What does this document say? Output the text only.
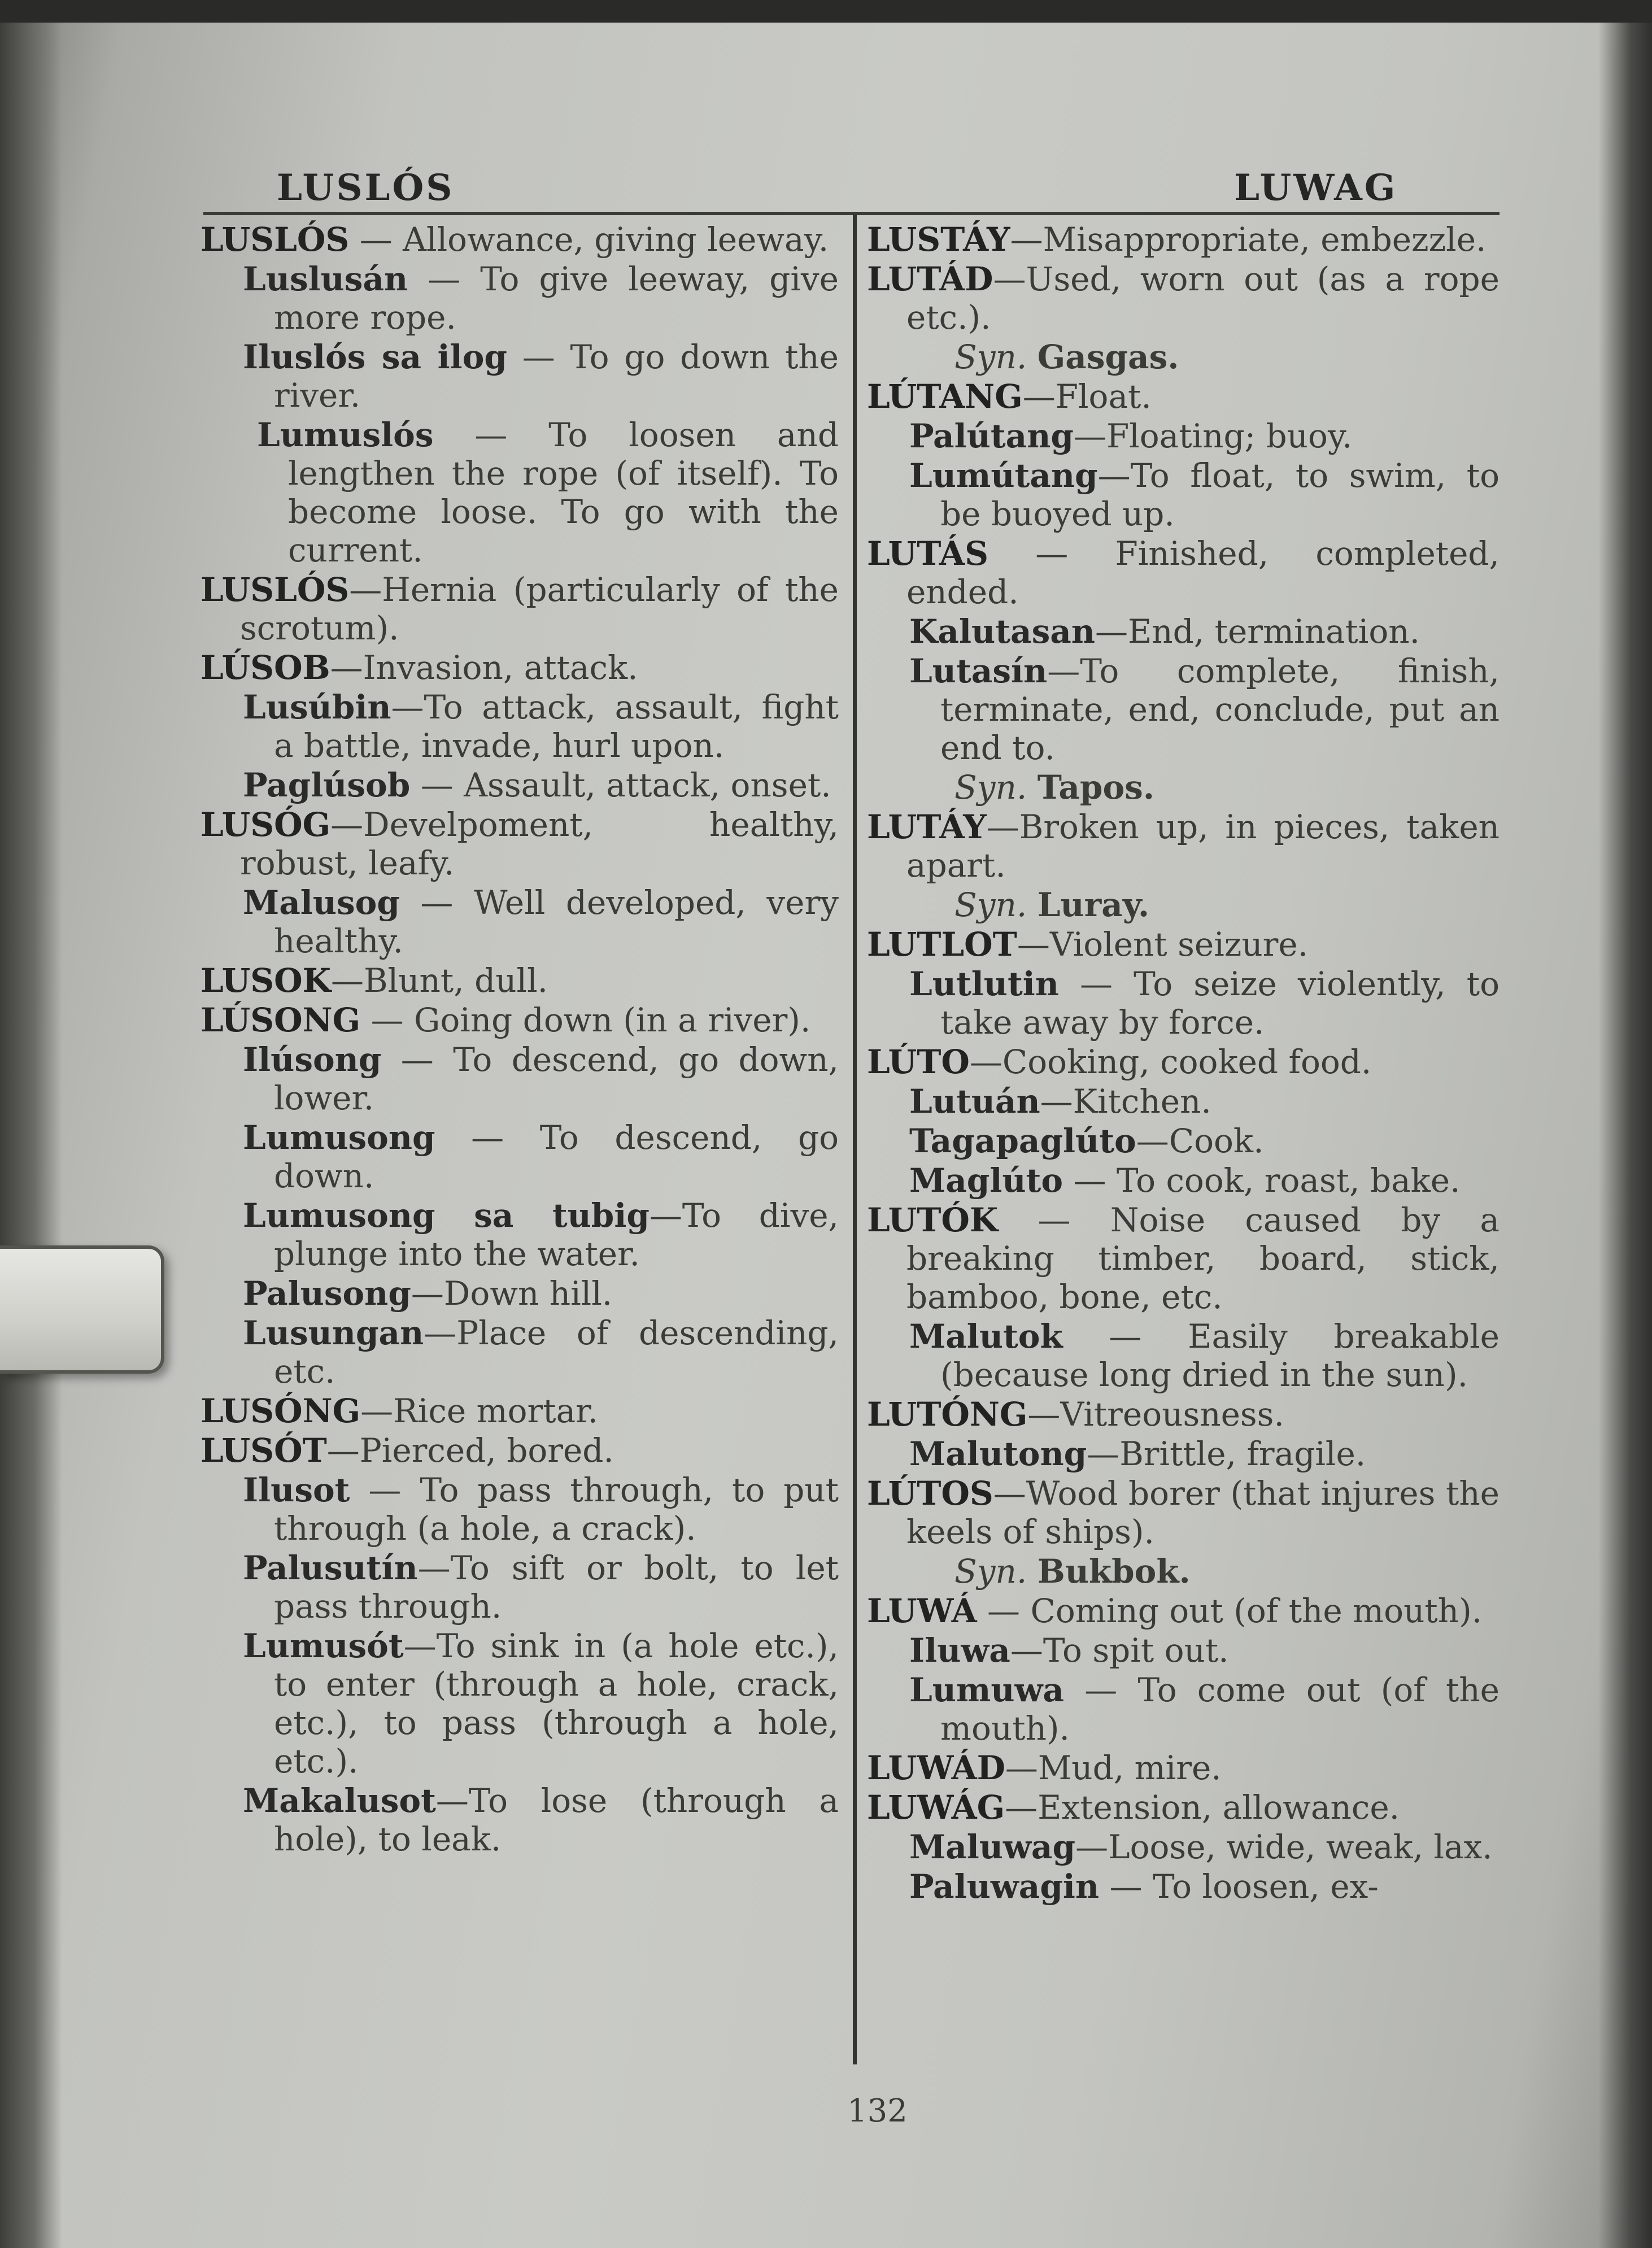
LUSLÓS	LUWAG

LUSLÓS — Allowance, giving leeway.

Luslusán — To give leeway, give more rope.

Iluslós sa ilog — To go down the river.

Lumuslós — To loosen and lengthen the rope (of itself). To become loose. To go with the current.

LUSLÓS—Hernia (particularly of the scrotum).

LÚSOB—Invasion, attack.

Lusúbin—To attack, assault, fight a battle, invade, hurl upon.

Paglúsob — Assault, attack, onset.

LUSÓG—Develpoment, healthy, robust, leafy.

Malusog — Well developed, very healthy.

LUSOK—Blunt, dull.

LÚSONG — Going down (in a river).

Ilúsong — To descend, go down, lower.

Lumusong — To descend, go down.

Lumusong sa tubig—To dive, plunge into the water.

Palusong—Down hill.

Lusungan—Place of descending, etc.

LUSÓNG—Rice mortar.

LUSÓT—Pierced, bored.

Ilusot — To pass through, to put through (a hole, a crack).

Palusutín—To sift or bolt, to let pass through.

Lumusót—To sink in (a hole etc.), to enter (through a hole, crack, etc.), to pass (through a hole, etc.).

Makalusot—To lose (through a hole), to leak.

LUSTÁY—Misappropriate, embezzle.

LUTÁD—Used, worn out (as a rope etc.).

Syn. Gasgas.

LÚTANG—Float.

Palútang—Floating; buoy.

Lumútang—To float, to swim, to be buoyed up.

LUTÁS — Finished, completed, ended.

Kalutasan—End, termination.

Lutasín—To complete, finish, terminate, end, conclude, put an end to.

Syn. Tapos.

LUTÁY—Broken up, in pieces, taken apart.

Syn. Luray.

LUTLOT—Violent seizure.

Lutlutin — To seize violently, to take away by force.

LÚTO—Cooking, cooked food.

Lutuán—Kitchen.

Tagapaglúto—Cook.

Maglúto — To cook, roast, bake.

LUTÓK — Noise caused by a breaking timber, board, stick, bamboo, bone, etc.

Malutok — Easily breakable (because long dried in the sun).

LUTÓNG—Vitreousness.

Malutong—Brittle, fragile.

LÚTOS—Wood borer (that injures the keels of ships).

Syn. Bukbok.

LUWÁ — Coming out (of the mouth).

Iluwa—To spit out.

Lumuwa — To come out (of the mouth).

LUWÁD—Mud, mire.

LUWÁG—Extension, allowance.

Maluwag—Loose, wide, weak, lax.

Paluwagin — To loosen, ex-

132
